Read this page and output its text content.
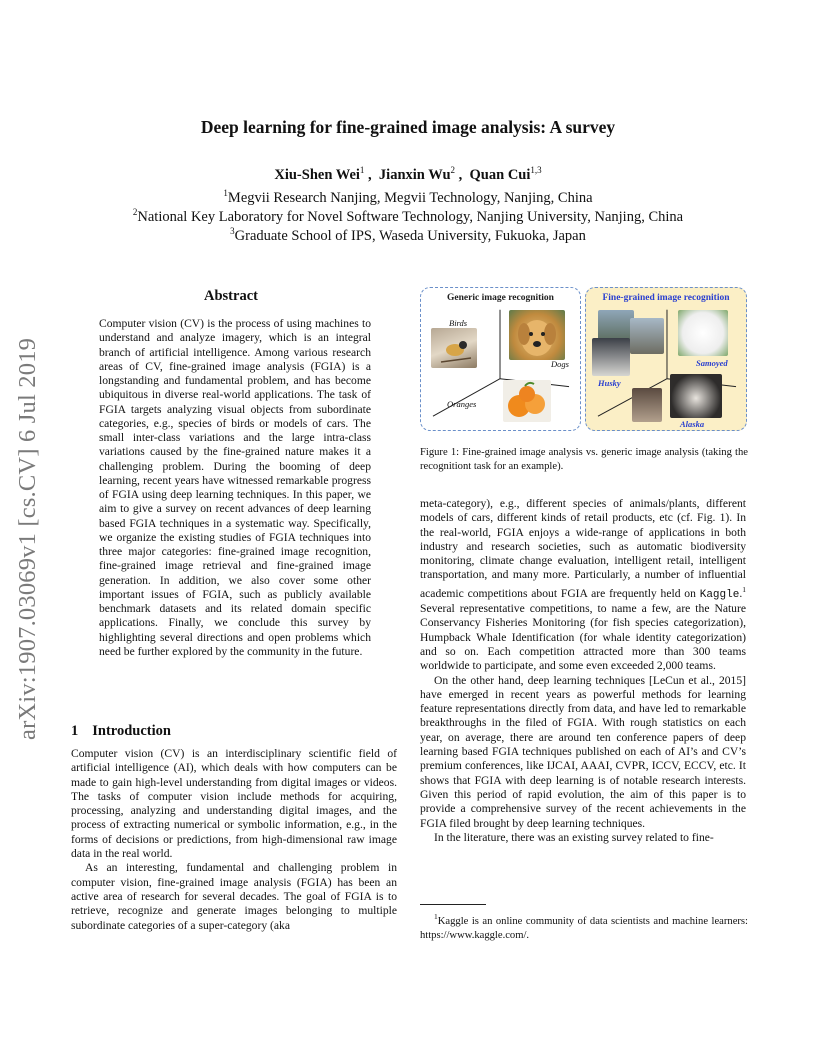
arXiv:1907.03069v1 [cs.CV] 6 Jul 2019
Deep learning for fine-grained image analysis: A survey
Xiu-Shen Wei$^1$ ,  Jianxin Wu$^2$ ,  Quan Cui$^{1,3}$
$^1$Megvii Research Nanjing, Megvii Technology, Nanjing, China
$^2$National Key Laboratory for Novel Software Technology, Nanjing University, Nanjing, China
$^3$Graduate School of IPS, Waseda University, Fukuoka, Japan
Abstract

Computer vision (CV) is the process of using machines to understand and analyze imagery, which is an integral branch of artificial intelligence. Among various research areas of CV, fine-grained image analysis (FGIA) is a longstanding and fundamental problem, and has become ubiquitous in diverse real-world applications. The task of FGIA targets analyzing visual objects from subordinate categories, e.g., species of birds or models of cars. The small inter-class variations and the large intra-class variations caused by the fine-grained nature makes it a challenging problem. During the booming of deep learning, recent years have witnessed remarkable progress of FGIA using deep learning techniques. In this paper, we aim to give a survey on recent advances of deep learning based FGIA techniques in a systematic way. Specifically, we organize the existing studies of FGIA techniques into three major categories: fine-grained image recognition, fine-grained image retrieval and fine-grained image generation. In addition, we also cover some other important issues of FGIA, such as publicly available benchmark datasets and its related domain specific applications. Finally, we conclude this survey by highlighting several directions and open problems which need be further explored by the community in the future.

1 Introduction

Computer vision (CV) is an interdisciplinary scientific field of artificial intelligence (AI), which deals with how computers can be made to gain high-level understanding from digital images or videos. The tasks of computer vision include methods for acquiring, processing, analyzing and understanding digital images, and the process of extracting numerical or symbolic information, e.g., in the forms of decisions or predictions, from high-dimensional raw image data in the real world.

As an interesting, fundamental and challenging problem in computer vision, fine-grained image analysis (FGIA) has been an active area of research for several decades. The goal of FGIA is to retrieve, recognize and generate images belonging to multiple subordinate categories of a super-category (aka

Generic image recognition
Birds
Dogs
Oranges
Fine-grained image recognition
Husky
Samoyed
Alaska

Figure 1: Fine-grained image analysis vs. generic image analysis (taking the recognitiont task for an example).

meta-category), e.g., different species of animals/plants, different models of cars, different kinds of retail products, etc (cf. Fig. 1). In the real-world, FGIA enjoys a wide-range of applications in both industry and research societies, such as automatic biodiversity monitoring, climate change evaluation, intelligent retail, intelligent transportation, and many more. Particularly, a number of influential academic competitions about FGIA are frequently held on Kaggle.$^1$ Several representative competitions, to name a few, are the Nature Conservancy Fisheries Monitoring (for fish species categorization), Humpback Whale Identification (for whale identity categorization) and so on. Each competition attracted more than 300 teams worldwide to participate, and some even exceeded 2,000 teams.

On the other hand, deep learning techniques [LeCun et al., 2015] have emerged in recent years as powerful methods for learning feature representations directly from data, and have led to remarkable breakthroughs in the filed of FGIA. With rough statistics on each year, on average, there are around ten conference papers of deep learning based FGIA techniques published on each of AI’s and CV’s premium conferences, like IJCAI, AAAI, CVPR, ICCV, ECCV, etc. It shows that FGIA with deep learning is of notable research interests. Given this period of rapid evolution, the aim of this paper is to provide a comprehensive survey of the recent achievements in the FGIA filed brought by deep learning techniques.

In the literature, there was an existing survey related to fine-

$^1$Kaggle is an online community of data scientists and machine learners: https://www.kaggle.com/.
